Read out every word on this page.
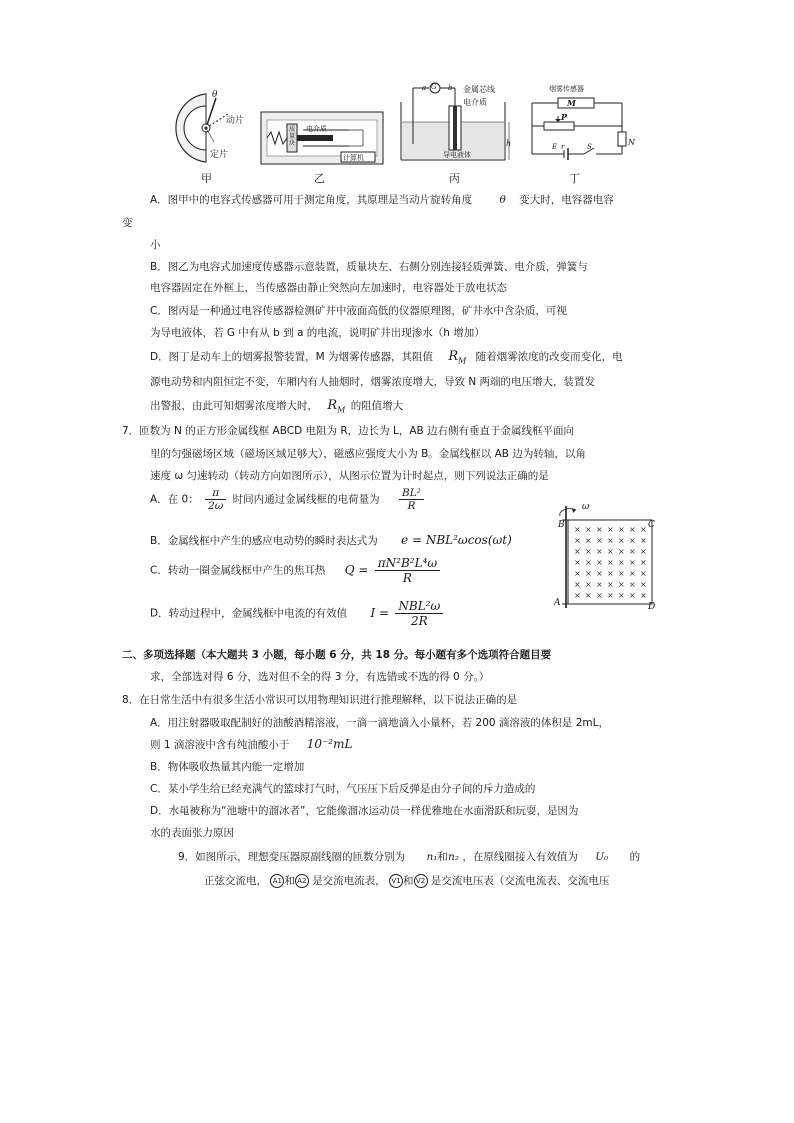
θ
动片
定片
甲
质量块
电介质
计算机
乙
G
a	b 金属芯线
电介质
导电液体
h
丙
烟雾传感器
M
P
N
E r	S
丁
A．图甲中的电容式传感器可用于测定角度，其原理是当动片旋转角度	θ 变大时，电容器电容
变
小
B．图乙为电容式加速度传感器示意装置，质量块左、右侧分别连接轻质弹簧、电介质，弹簧与
电容器固定在外框上，当传感器由静止突然向左加速时，电容器处于放电状态
C．图丙是一种通过电容传感器检测矿井中液面高低的仪器原理图，矿井水中含杂质，可视
为导电液体，若 G 中有从 b 到 a 的电流，说明矿井出现渗水（h 增加）
D．图丁是动车上的烟雾报警装置，M 为烟雾传感器，其阻值 $R_M$ 随着烟雾浓度的改变而变化，电
源电动势和内阻恒定不变，车厢内有人抽烟时，烟雾浓度增大，导致 N 两端的电压增大，装置发
出警报，由此可知烟雾浓度增大时， $R_M$ 的阻值增大
7．匝数为 N 的正方形金属线框 ABCD 电阻为 R，边长为 L，AB 边右侧有垂直于金属线框平面向
里的匀强磁场区域（磁场区域足够大），磁感应强度大小为 B。金属线框以 AB 边为转轴，以角
速度 ω 匀速转动（转动方向如图所示），从图示位置为计时起点，则下列说法正确的是
A．在 0： $\frac{\pi}{2\omega}$ 时间内通过金属线框的电荷量为 $\frac{\text{BL²}}{R}$
B．金属线框中产生的感应电动势的瞬时表达式为 e = NBL²ωcos(ωt)
C．转动一圈金属线框中产生的焦耳热 $Q = \frac{\text{πN²B²L⁴ω}}{R}$
D．转动过程中，金属线框中电流的有效值 $I = \frac{\text{NBL²ω}}{2R}$
× × × × × × ×
× × × × × × ×
× × × × × × ×
× × × × × × ×
× × × × × × ×
× × × × × × ×
× × × × × × ×
B	C
A	D
ω
二、多项选择题（本大题共 3 小题，每小题 6 分，共 18 分。每小题有多个选项符合题目要
求，全部选对得 6 分，选对但不全的得 3 分，有选错或不选的得 0 分。）
8．在日常生活中有很多生活小常识可以用物理知识进行推理解释，以下说法正确的是
A．用注射器吸取配制好的油酸酒精溶液，一滴一滴地滴入小量杯，若 200 滴溶液的体积是 2mL，
则 1 滴溶液中含有纯油酸小于 10⁻²mL
B．物体吸收热量其内能一定增加
C．某小学生给已经充满气的篮球打气时，气压压下后反弹是由分子间的斥力造成的
D．水黾被称为“池塘中的溜冰者”，它能像溜冰运动员一样优雅地在水面滑跃和玩耍，是因为
水的表面张力原因
9．如图所示，理想变压器原副线圈的匝数分别为 n₁和n₂ ，在原线圈接入有效值为 U₀ 的
正弦交流电， A1 和 A2 是交流电流表， V1 和 V2 是交流电压表（交流电流表、交流电压
